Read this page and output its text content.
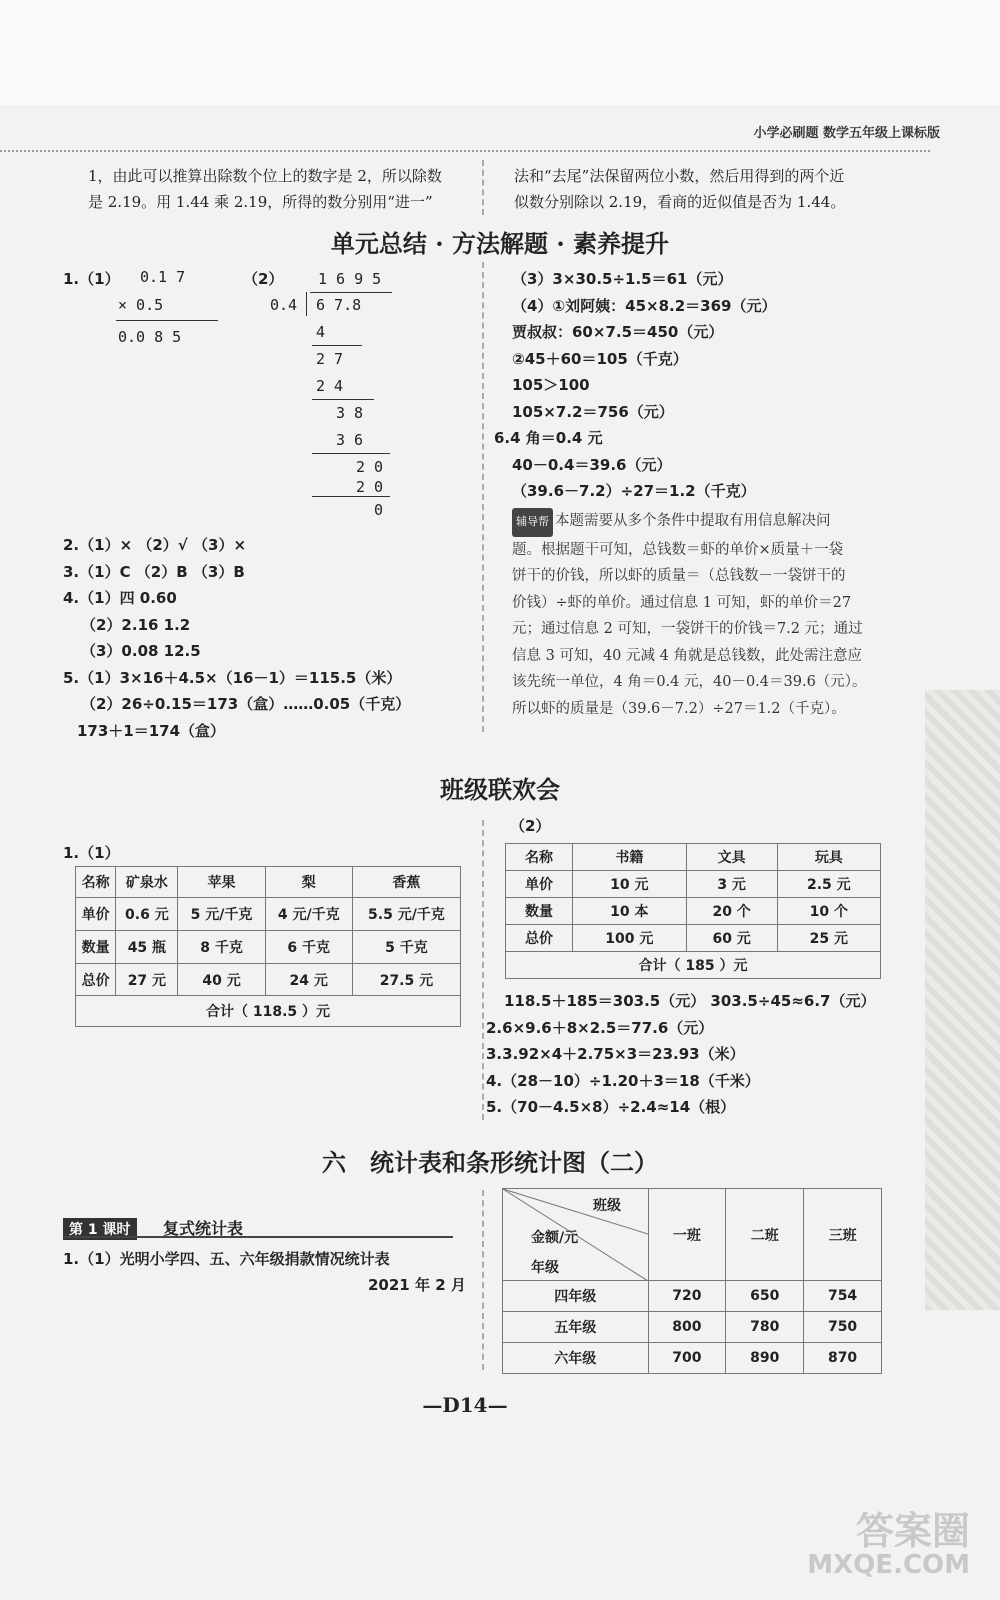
小学必刷题 数学五年级上课标版
1，由此可以推算出除数个位上的数字是 2，所以除数
是 2.19。用 1.44 乘 2.19，所得的数分别用“进一”
法和“去尾”法保留两位小数，然后用得到的两个近
似数分别除以 2.19，看商的近似值是否为 1.44。
单元总结 · 方法解题 · 素养提升
1.（1） 0.1 7
× 0.5
0.0 8 5
（2） 1 6 9 5
0.4 6 7.8
4
2 7
2 4
3 8
3 6
2 0
2 0
0
2.（1）× （2）√ （3）×
3.（1）C （2）B （3）B
4.（1）四 0.60
（2）2.16 1.2
（3）0.08 12.5
5.（1）3×16＋4.5×（16－1）＝115.5（米）
（2）26÷0.15＝173（盒）……0.05（千克）
173＋1＝174（盒）
（3）3×30.5÷1.5＝61（元）
（4）①刘阿姨：45×8.2＝369（元）
贾叔叔：60×7.5＝450（元）
②45＋60＝105（千克）
105＞100
105×7.2＝756（元）
6.4 角＝0.4 元
40－0.4＝39.6（元）
（39.6－7.2）÷27＝1.2（千克）
辅导帮 本题需要从多个条件中提取有用信息解决问
题。根据题干可知，总钱数＝虾的单价×质量＋一袋
饼干的价钱，所以虾的质量＝（总钱数－一袋饼干的
价钱）÷虾的单价。通过信息 1 可知，虾的单价＝27
元；通过信息 2 可知，一袋饼干的价钱＝7.2 元；通过
信息 3 可知，40 元减 4 角就是总钱数，此处需注意应
该先统一单位，4 角＝0.4 元，40－0.4＝39.6（元）。
所以虾的质量是（39.6－7.2）÷27＝1.2（千克）。
班级联欢会
1.（1）
名称	矿泉水	苹果	梨	香蕉
单价	0.6 元	5 元/千克	4 元/千克	5.5 元/千克
数量	45 瓶	8 千克	6 千克	5 千克
总价	27 元	40 元	24 元	27.5 元
合计（ 118.5 ）元				
（2）
名称	书籍	文具	玩具
单价	10 元	3 元	2.5 元
数量	10 本	20 个	10 个
总价	100 元	60 元	25 元
合计（ 185 ）元			
118.5＋185＝303.5（元） 303.5÷45≈6.7（元）
2.6×9.6＋8×2.5＝77.6（元）
3.3.92×4＋2.75×3＝23.93（米）
4.（28－10）÷1.20＋3＝18（千米）
5.（70－4.5×8）÷2.4≈14（根）
六　统计表和条形统计图（二）
第 1 课时	复式统计表
1.（1）光明小学四、五、六年级捐款情况统计表
2021 年 2 月
班级
金额/元
年级
	一班	二班	三班
四年级	720	650	754
五年级	800	780	750
六年级	700	890	870
—D14—
答案圈
MXQE.COM
